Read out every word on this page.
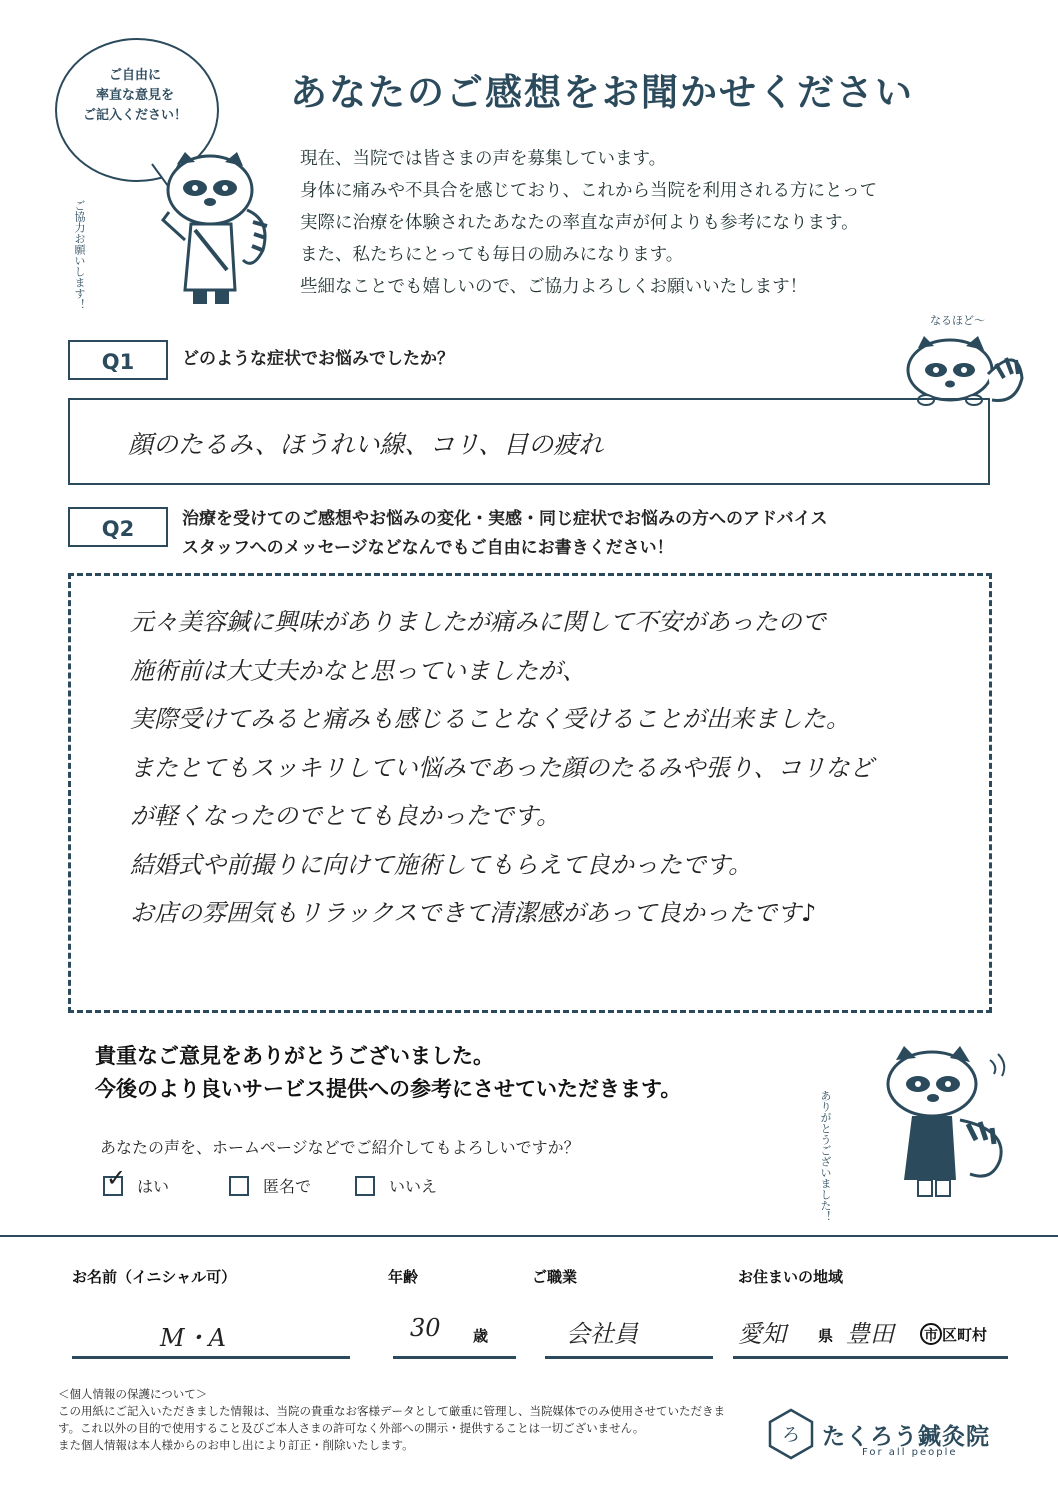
ご自由に
率直な意見を
ご記入ください！
ご協力お願いします！
あなたのご感想をお聞かせください
現在、当院では皆さまの声を募集しています。
身体に痛みや不具合を感じており、これから当院を利用される方にとって
実際に治療を体験されたあなたの率直な声が何よりも参考になります。
また、私たちにとっても毎日の励みになります。
些細なことでも嬉しいので、ご協力よろしくお願いいたします！
Q1	どのような症状でお悩みでしたか？
なるほど～
顔のたるみ、ほうれい線、コリ、目の疲れ
Q2	治療を受けてのご感想やお悩みの変化・実感・同じ症状でお悩みの方へのアドバイス
スタッフへのメッセージなどなんでもご自由にお書きください！
元々美容鍼に興味がありましたが痛みに関して不安があったので
施術前は大丈夫かなと思っていましたが、
実際受けてみると痛みも感じることなく受けることが出来ました。
またとてもスッキリしてい悩みであった顔のたるみや張り、コリなど
が軽くなったのでとても良かったです。
結婚式や前撮りに向けて施術してもらえて良かったです。
お店の雰囲気もリラックスできて清潔感があって良かったです♪
貴重なご意見をありがとうございました。
今後のより良いサービス提供への参考にさせていただきます。
ありがとうございました！
あなたの声を、ホームページなどでご紹介してもよろしいですか？
✓ はい	匿名で	いいえ
お名前（イニシャル可）
M・A
年齢
30 歳
ご職業
会社員
お住まいの地域
愛知 県 豊田 市 区町村
＜個人情報の保護について＞
この用紙にご記入いただきました情報は、当院の貴重なお客様データとして厳重に管理し、当院媒体でのみ使用させていただきます。これ以外の目的で使用すること及びご本人さまの許可なく外部への開示・提供することは一切ございません。
また個人情報は本人様からのお申し出により訂正・削除いたします。	ろ たくろう鍼灸院
For all people
